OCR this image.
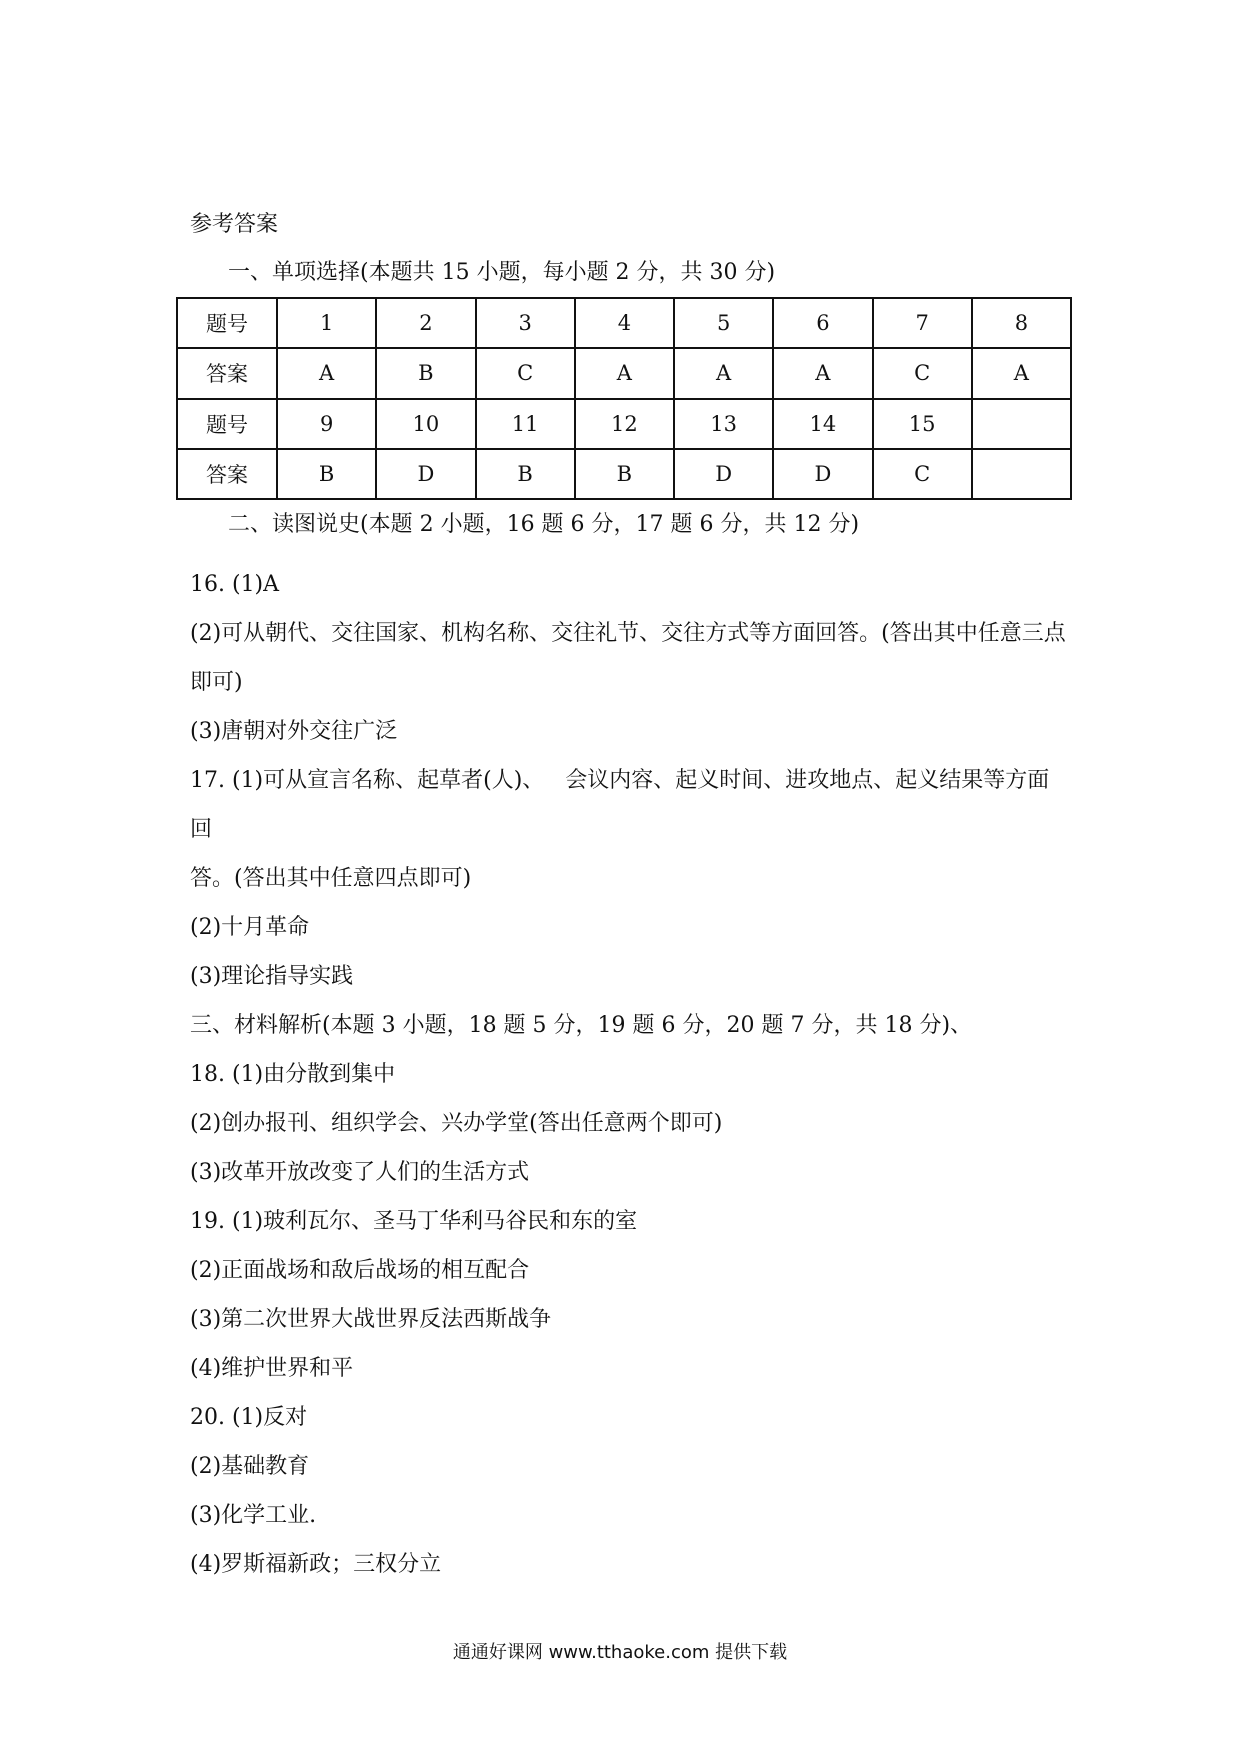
参考答案
一、单项选择(本题共 15 小题，每小题 2 分，共 30 分)
题号	1	2	3	4	5	6	7	8
答案	A	B	C	A	A	A	C	A
题号	9	10	11	12	13	14	15	
答案	B	D	B	B	D	D	C	
二、读图说史(本题 2 小题，16 题 6 分，17 题 6 分，共 12 分)

16. (1)A

(2)可从朝代、交往国家、机构名称、交往礼节、交往方式等方面回答。(答出其中任意三点

即可)

(3)唐朝对外交往广泛

17. (1)可从宣言名称、起草者(人)、   会议内容、起义时间、进攻地点、起义结果等方面回

答。(答出其中任意四点即可)

(2)十月革命

(3)理论指导实践

三、材料解析(本题 3 小题，18 题 5 分，19 题 6 分，20 题 7 分，共 18 分)、

18. (1)由分散到集中

(2)创办报刊、组织学会、兴办学堂(答出任意两个即可)

(3)改革开放改变了人们的生活方式

19. (1)玻利瓦尔、圣马丁华利马谷民和东的室

(2)正面战场和敌后战场的相互配合

(3)第二次世界大战世界反法西斯战争

(4)维护世界和平

20. (1)反对

(2)基础教育

(3)化学工业.

(4)罗斯福新政；三权分立

通通好课网 www.tthaoke.com 提供下载
